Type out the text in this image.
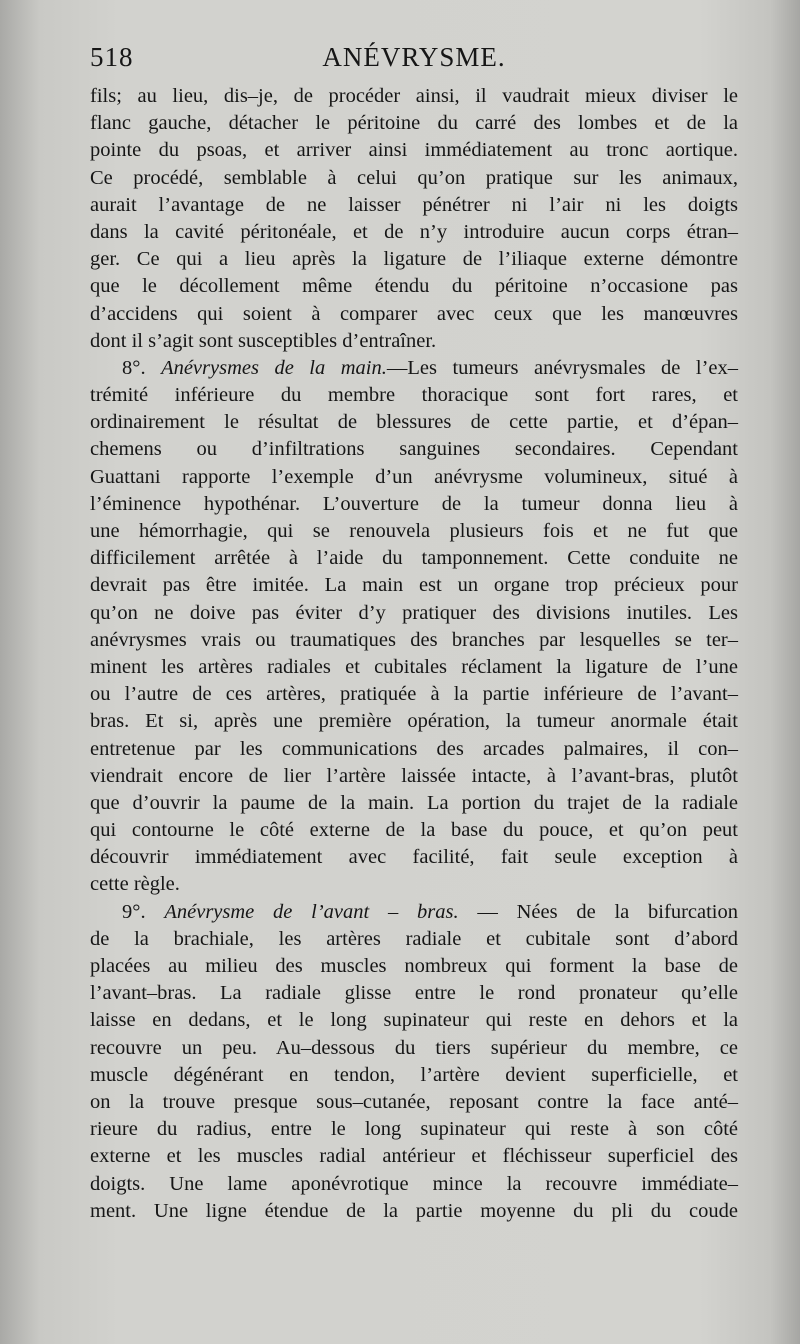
518	ANÉVRYSME.
fils; au lieu, dis–je, de procéder ainsi, il vaudrait mieux diviser le
flanc gauche, détacher le péritoine du carré des lombes et de la
pointe du psoas, et arriver ainsi immédiatement au tronc aortique.
Ce procédé, semblable à celui qu’on pratique sur les animaux,
aurait l’avantage de ne laisser pénétrer ni l’air ni les doigts
dans la cavité péritonéale, et de n’y introduire aucun corps étran–
ger. Ce qui a lieu après la ligature de l’iliaque externe démontre
que le décollement même étendu du péritoine n’occasione pas
d’accidens qui soient à comparer avec ceux que les manœuvres
dont il s’agit sont susceptibles d’entraîner.
8°. Anévrysmes de la main.—Les tumeurs anévrysmales de l’ex–
trémité inférieure du membre thoracique sont fort rares, et
ordinairement le résultat de blessures de cette partie, et d’épan–
chemens ou d’infiltrations sanguines secondaires. Cependant
Guattani rapporte l’exemple d’un anévrysme volumineux, situé à
l’éminence hypothénar. L’ouverture de la tumeur donna lieu à
une hémorrhagie, qui se renouvela plusieurs fois et ne fut que
difficilement arrêtée à l’aide du tamponnement. Cette conduite ne
devrait pas être imitée. La main est un organe trop précieux pour
qu’on ne doive pas éviter d’y pratiquer des divisions inutiles. Les
anévrysmes vrais ou traumatiques des branches par lesquelles se ter–
minent les artères radiales et cubitales réclament la ligature de l’une
ou l’autre de ces artères, pratiquée à la partie inférieure de l’avant–
bras. Et si, après une première opération, la tumeur anormale était
entretenue par les communications des arcades palmaires, il con–
viendrait encore de lier l’artère laissée intacte, à l’avant-bras, plutôt
que d’ouvrir la paume de la main. La portion du trajet de la radiale
qui contourne le côté externe de la base du pouce, et qu’on peut
découvrir immédiatement avec facilité, fait seule exception à
cette règle.
9°. Anévrysme de l’avant – bras. — Nées de la bifurcation
de la brachiale, les artères radiale et cubitale sont d’abord
placées au milieu des muscles nombreux qui forment la base de
l’avant–bras. La radiale glisse entre le rond pronateur qu’elle
laisse en dedans, et le long supinateur qui reste en dehors et la
recouvre un peu. Au–dessous du tiers supérieur du membre, ce
muscle dégénérant en tendon, l’artère devient superficielle, et
on la trouve presque sous–cutanée, reposant contre la face anté–
rieure du radius, entre le long supinateur qui reste à son côté
externe et les muscles radial antérieur et fléchisseur superficiel des
doigts. Une lame aponévrotique mince la recouvre immédiate–
ment. Une ligne étendue de la partie moyenne du pli du coude
